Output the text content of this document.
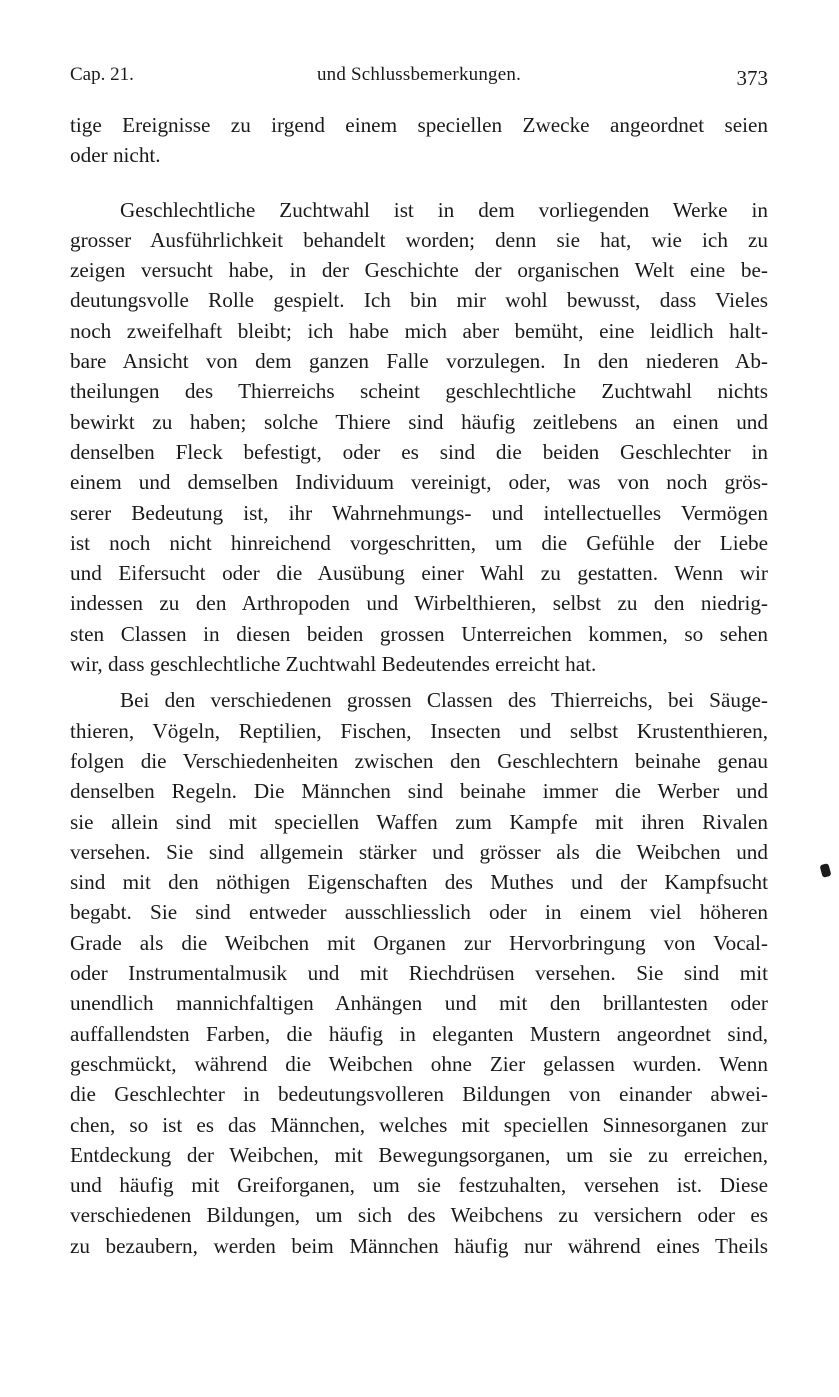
Cap. 21.	und Schlussbemerkungen.	373
tige Ereignisse zu irgend einem speciellen Zwecke angeordnet seien
oder nicht.
Geschlechtliche Zuchtwahl ist in dem vorliegenden Werke in
grosser Ausführlichkeit behandelt worden; denn sie hat, wie ich zu
zeigen versucht habe, in der Geschichte der organischen Welt eine be-
deutungsvolle Rolle gespielt. Ich bin mir wohl bewusst, dass Vieles
noch zweifelhaft bleibt; ich habe mich aber bemüht, eine leidlich halt-
bare Ansicht von dem ganzen Falle vorzulegen. In den niederen Ab-
theilungen des Thierreichs scheint geschlechtliche Zuchtwahl nichts
bewirkt zu haben; solche Thiere sind häufig zeitlebens an einen und
denselben Fleck befestigt, oder es sind die beiden Geschlechter in
einem und demselben Individuum vereinigt, oder, was von noch grös-
serer Bedeutung ist, ihr Wahrnehmungs- und intellectuelles Vermögen
ist noch nicht hinreichend vorgeschritten, um die Gefühle der Liebe
und Eifersucht oder die Ausübung einer Wahl zu gestatten. Wenn wir
indessen zu den Arthropoden und Wirbelthieren, selbst zu den niedrig-
sten Classen in diesen beiden grossen Unterreichen kommen, so sehen
wir, dass geschlechtliche Zuchtwahl Bedeutendes erreicht hat.
Bei den verschiedenen grossen Classen des Thierreichs, bei Säuge-
thieren, Vögeln, Reptilien, Fischen, Insecten und selbst Krustenthieren,
folgen die Verschiedenheiten zwischen den Geschlechtern beinahe genau
denselben Regeln. Die Männchen sind beinahe immer die Werber und
sie allein sind mit speciellen Waffen zum Kampfe mit ihren Rivalen
versehen. Sie sind allgemein stärker und grösser als die Weibchen und
sind mit den nöthigen Eigenschaften des Muthes und der Kampfsucht
begabt. Sie sind entweder ausschliesslich oder in einem viel höheren
Grade als die Weibchen mit Organen zur Hervorbringung von Vocal-
oder Instrumentalmusik und mit Riechdrüsen versehen. Sie sind mit
unendlich mannichfaltigen Anhängen und mit den brillantesten oder
auffallendsten Farben, die häufig in eleganten Mustern angeordnet sind,
geschmückt, während die Weibchen ohne Zier gelassen wurden. Wenn
die Geschlechter in bedeutungsvolleren Bildungen von einander abwei-
chen, so ist es das Männchen, welches mit speciellen Sinnesorganen zur
Entdeckung der Weibchen, mit Bewegungsorganen, um sie zu erreichen,
und häufig mit Greiforganen, um sie festzuhalten, versehen ist. Diese
verschiedenen Bildungen, um sich des Weibchens zu versichern oder es
zu bezaubern, werden beim Männchen häufig nur während eines Theils
